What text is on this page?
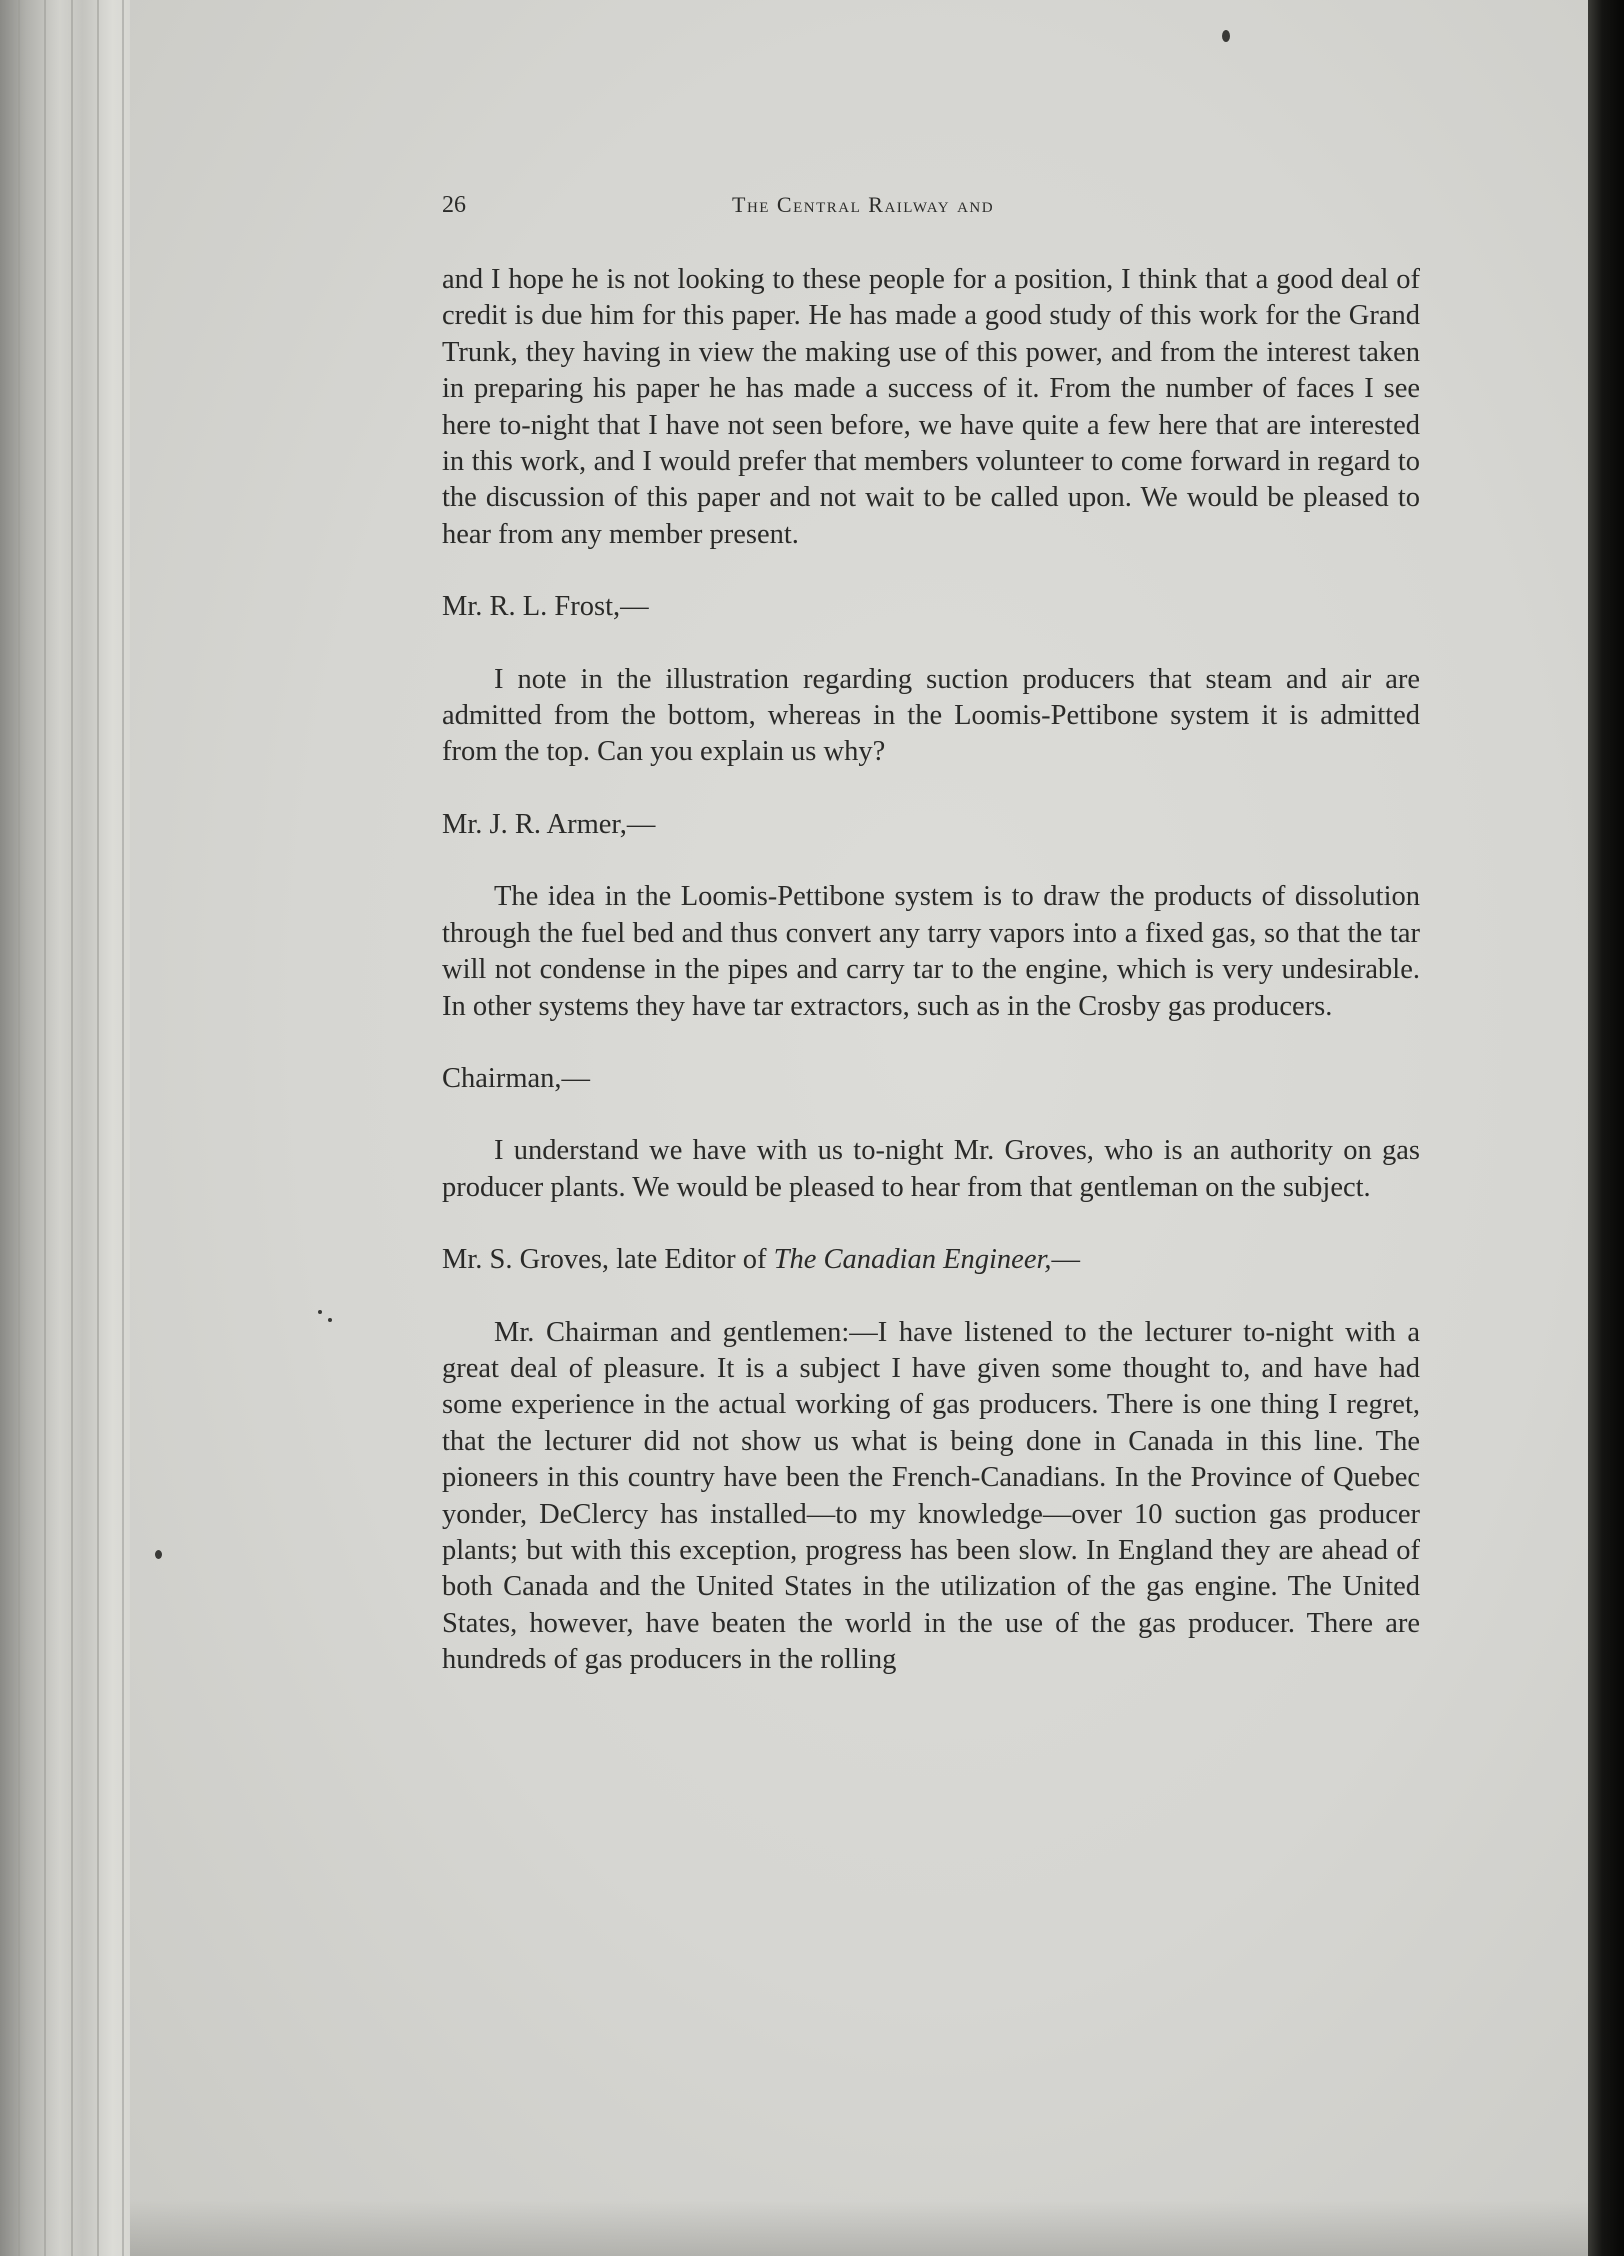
26	The Central Railway and

and I hope he is not looking to these people for a position, I think that a good deal of credit is due him for this paper. He has made a good study of this work for the Grand Trunk, they having in view the making use of this power, and from the interest taken in preparing his paper he has made a success of it. From the number of faces I see here to-night that I have not seen before, we have quite a few here that are interested in this work, and I would prefer that members volunteer to come forward in regard to the discussion of this paper and not wait to be called upon. We would be pleased to hear from any member present.

Mr. R. L. Frost,—

I note in the illustration regarding suction producers that steam and air are admitted from the bottom, whereas in the Loomis-Pettibone system it is admitted from the top. Can you explain us why?

Mr. J. R. Armer,—

The idea in the Loomis-Pettibone system is to draw the products of dissolution through the fuel bed and thus convert any tarry vapors into a fixed gas, so that the tar will not condense in the pipes and carry tar to the engine, which is very undesirable. In other systems they have tar extractors, such as in the Crosby gas producers.

Chairman,—

I understand we have with us to-night Mr. Groves, who is an authority on gas producer plants. We would be pleased to hear from that gentleman on the subject.

Mr. S. Groves, late Editor of The Canadian Engineer,—

Mr. Chairman and gentlemen:—I have listened to the lecturer to-night with a great deal of pleasure. It is a subject I have given some thought to, and have had some experience in the actual working of gas producers. There is one thing I regret, that the lecturer did not show us what is being done in Canada in this line. The pioneers in this country have been the French-Canadians. In the Province of Quebec yonder, DeClercy has installed—to my knowledge—over 10 suction gas producer plants; but with this exception, progress has been slow. In England they are ahead of both Canada and the United States in the utilization of the gas engine. The United States, however, have beaten the world in the use of the gas producer. There are hundreds of gas producers in the rolling
